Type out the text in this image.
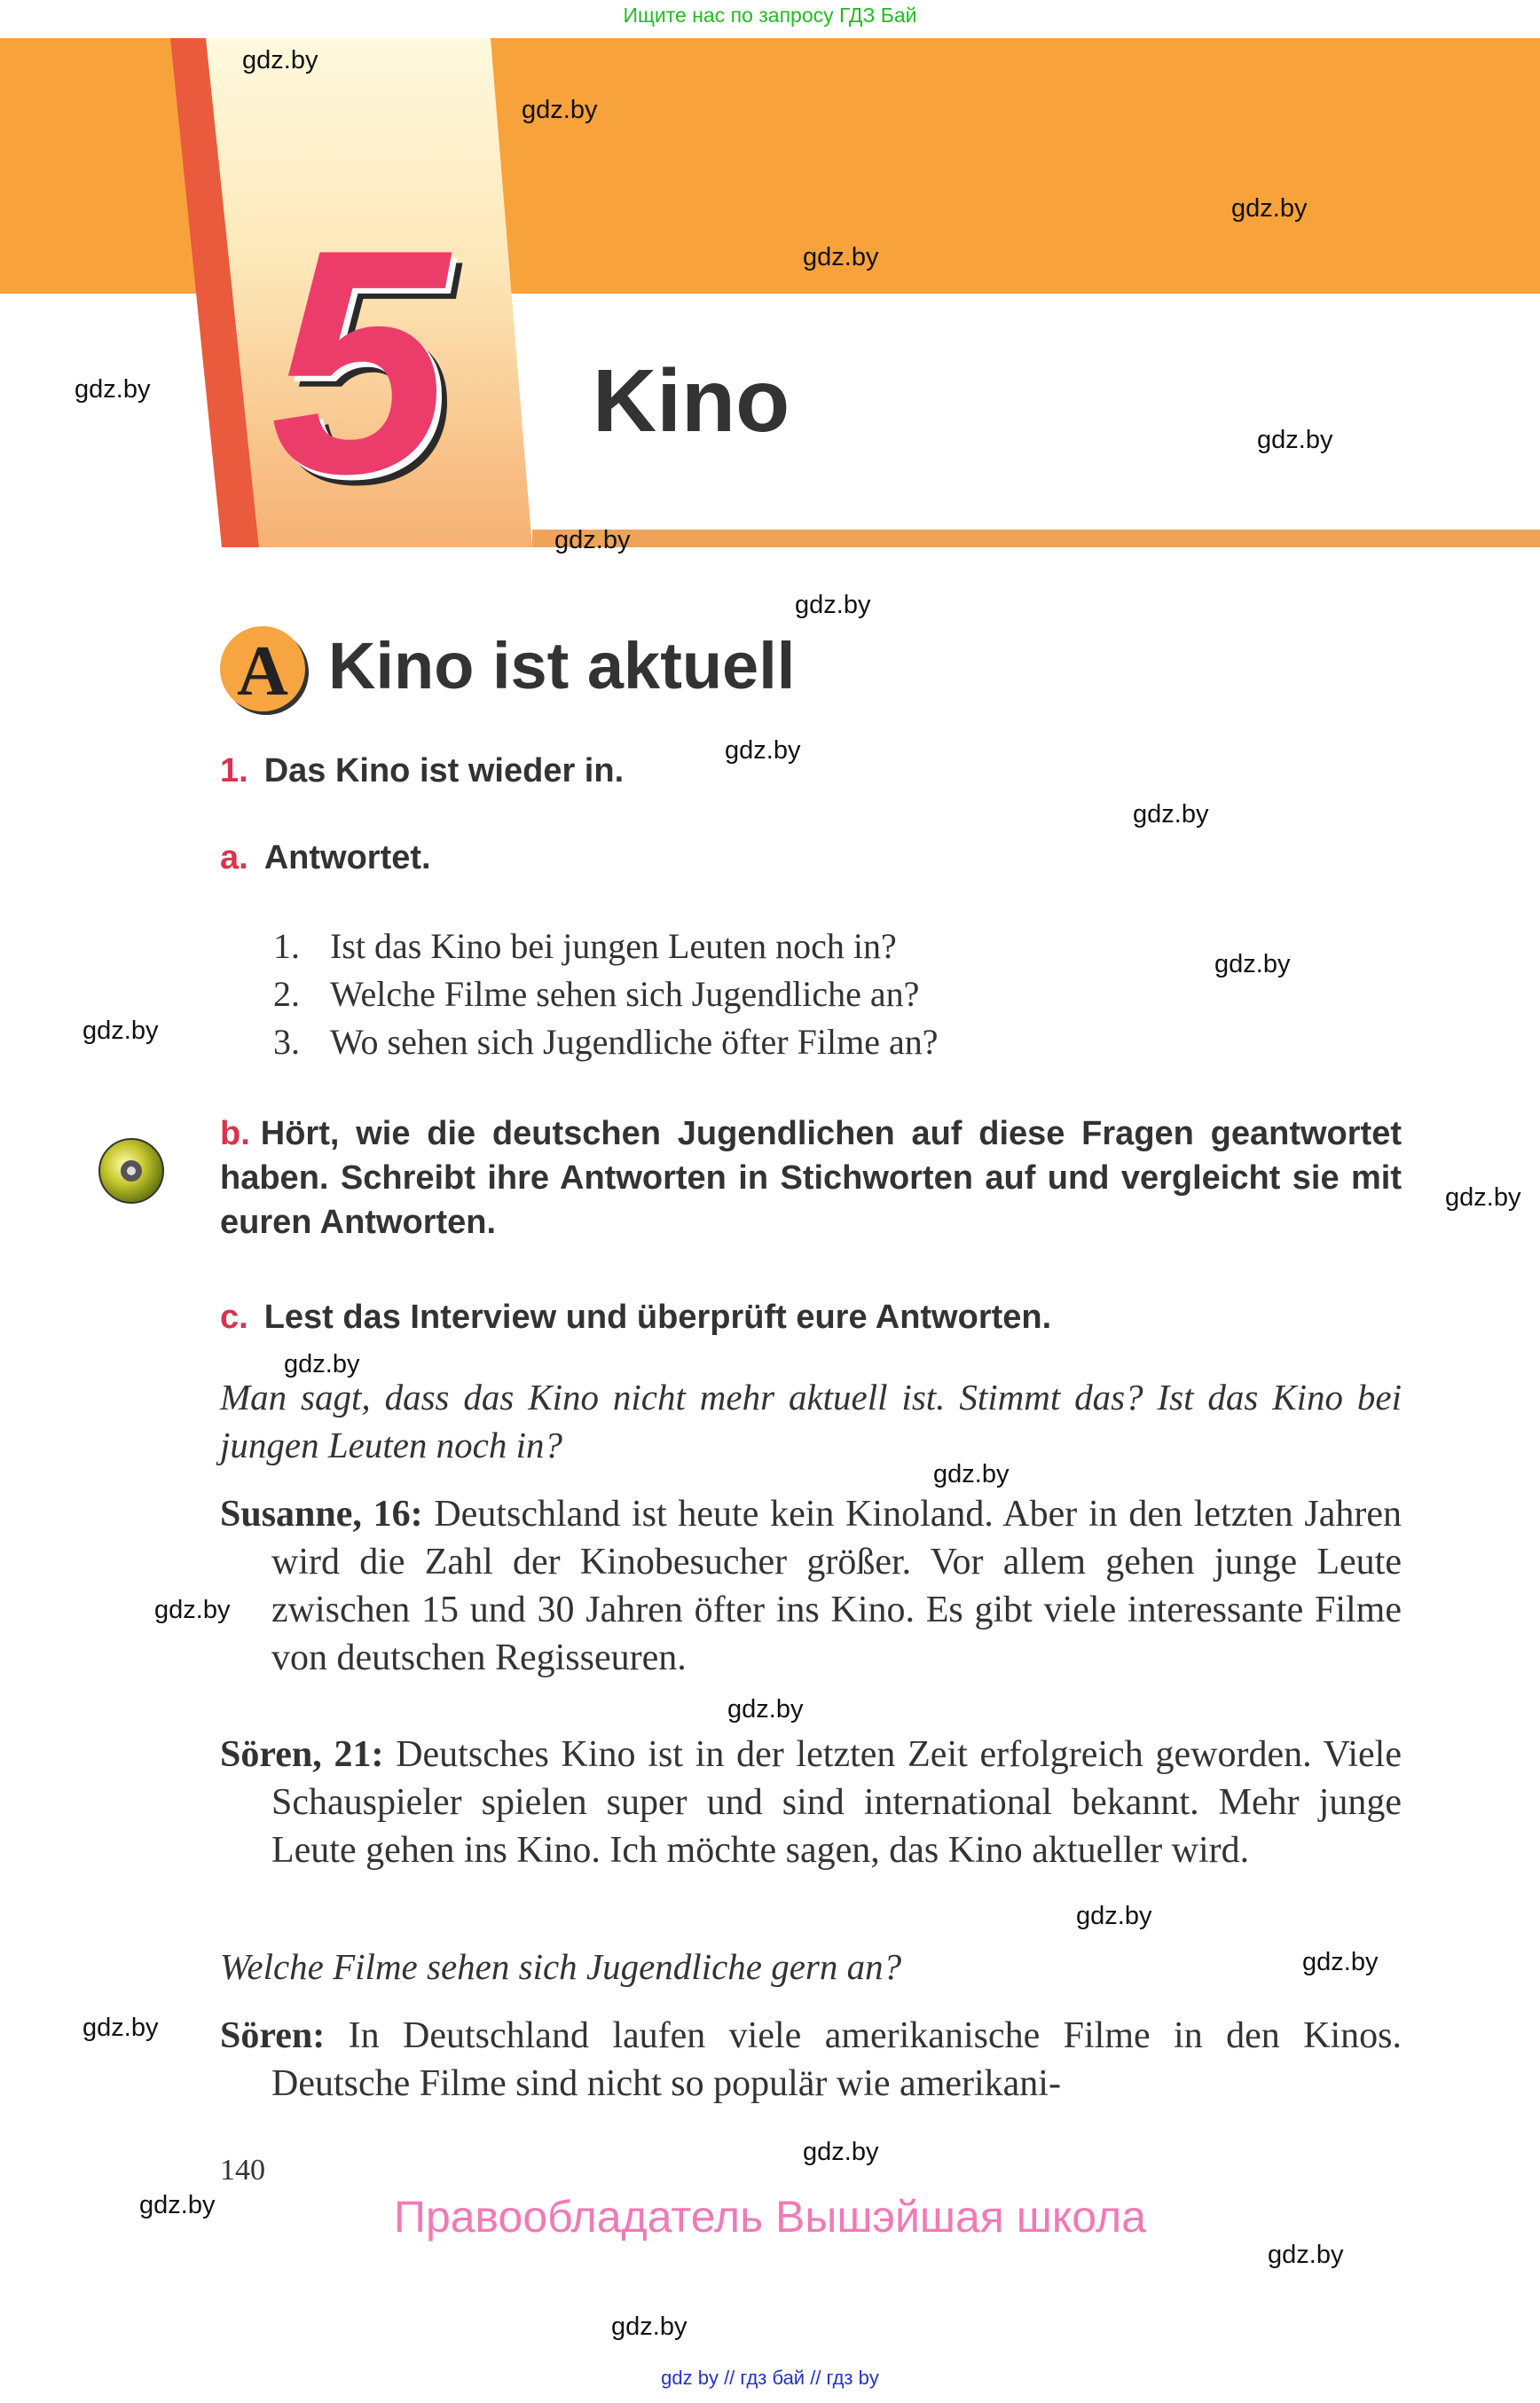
Ищите нас по запросу ГДЗ Бай
5 Kino
A Kino ist aktuell
1. Das Kino ist wieder in.
a. Antwortet.
1. Ist das Kino bei jungen Leuten noch in?
2. Welche Filme sehen sich Jugendliche an?
3. Wo sehen sich Jugendliche öfter Filme an?
b. Hört, wie die deutschen Jugendlichen auf diese Fragen geantwortet haben. Schreibt ihre Antworten in Stichworten auf und vergleicht sie mit euren Antworten.
c. Lest das Interview und überprüft eure Antworten.
Man sagt, dass das Kino nicht mehr aktuell ist. Stimmt das? Ist das Kino bei jungen Leuten noch in?
Susanne, 16: Deutschland ist heute kein Kinoland. Aber in den letzten Jahren wird die Zahl der Kinobesucher größer. Vor allem gehen junge Leute zwischen 15 und 30 Jahren öfter ins Kino. Es gibt viele interessante Filme von deutschen Regisseuren.
Sören, 21: Deutsches Kino ist in der letzten Zeit erfolgreich geworden. Viele Schauspieler spielen super und sind international bekannt. Mehr junge Leute gehen ins Kino. Ich möchte sagen, das Kino aktueller wird.
Welche Filme sehen sich Jugendliche gern an?
Sören: In Deutschland laufen viele amerikanische Filme in den Kinos. Deutsche Filme sind nicht so populär wie amerikani-
140
Правообладатель Вышэйшая школа
gdz by // гдз бай // гдз by
gdz.by
gdz.by
gdz.by
gdz.by
gdz.by
gdz.by
gdz.by
gdz.by
gdz.by
gdz.by
gdz.by
gdz.by
gdz.by
gdz.by
gdz.by
gdz.by
gdz.by
gdz.by
gdz.by
gdz.by
gdz.by
gdz.by
gdz.by
gdz.by
